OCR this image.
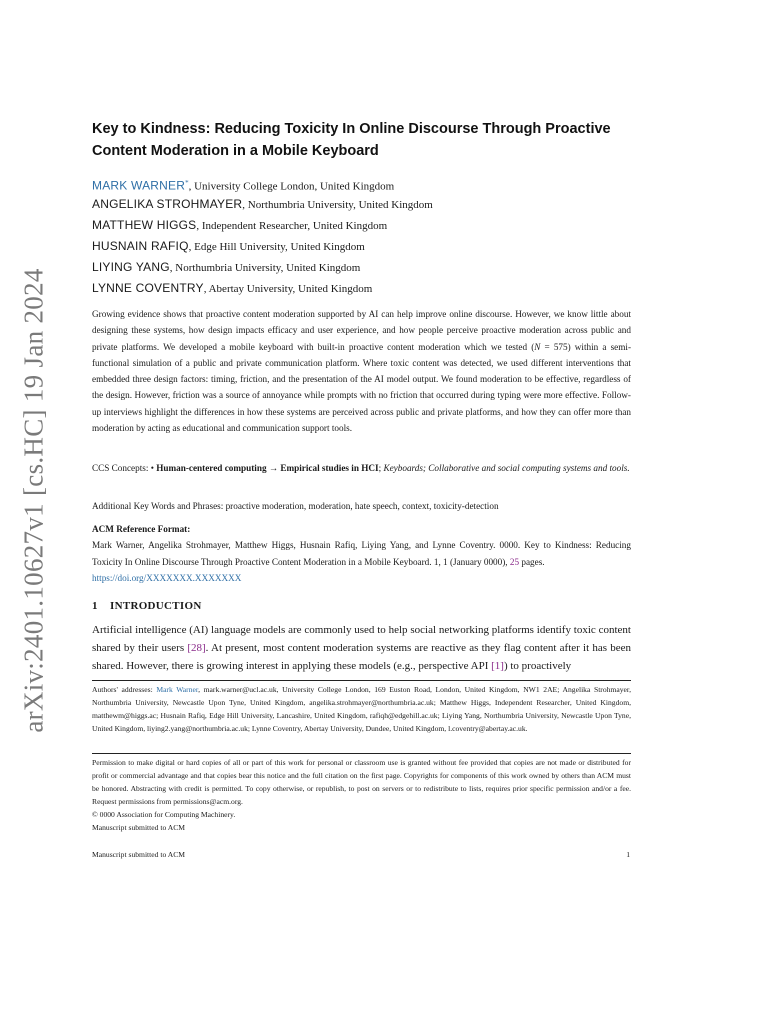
arXiv:2401.10627v1 [cs.HC] 19 Jan 2024
Key to Kindness: Reducing Toxicity In Online Discourse Through Proactive Content Moderation in a Mobile Keyboard
MARK WARNER*, University College London, United Kingdom
ANGELIKA STROHMAYER, Northumbria University, United Kingdom
MATTHEW HIGGS, Independent Researcher, United Kingdom
HUSNAIN RAFIQ, Edge Hill University, United Kingdom
LIYING YANG, Northumbria University, United Kingdom
LYNNE COVENTRY, Abertay University, United Kingdom
Growing evidence shows that proactive content moderation supported by AI can help improve online discourse. However, we know little about designing these systems, how design impacts efficacy and user experience, and how people perceive proactive moderation across public and private platforms. We developed a mobile keyboard with built-in proactive content moderation which we tested (N = 575) within a semi-functional simulation of a public and private communication platform. Where toxic content was detected, we used different interventions that embedded three design factors: timing, friction, and the presentation of the AI model output. We found moderation to be effective, regardless of the design. However, friction was a source of annoyance while prompts with no friction that occurred during typing were more effective. Follow-up interviews highlight the differences in how these systems are perceived across public and private platforms, and how they can offer more than moderation by acting as educational and communication support tools.
CCS Concepts: • Human-centered computing → Empirical studies in HCI; Keyboards; Collaborative and social computing systems and tools.
Additional Key Words and Phrases: proactive moderation, moderation, hate speech, context, toxicity-detection
ACM Reference Format:
Mark Warner, Angelika Strohmayer, Matthew Higgs, Husnain Rafiq, Liying Yang, and Lynne Coventry. 0000. Key to Kindness: Reducing Toxicity In Online Discourse Through Proactive Content Moderation in a Mobile Keyboard. 1, 1 (January 0000), 25 pages.
https://doi.org/XXXXXXX.XXXXXXX
1 INTRODUCTION
Artificial intelligence (AI) language models are commonly used to help social networking platforms identify toxic content shared by their users [28]. At present, most content moderation systems are reactive as they flag content after it has been shared. However, there is growing interest in applying these models (e.g., perspective API [1]) to proactively
Authors' addresses: Mark Warner, mark.warner@ucl.ac.uk, University College London, 169 Euston Road, London, United Kingdom, NW1 2AE; Angelika Strohmayer, Northumbria University, Newcastle Upon Tyne, United Kingdom, angelika.strohmayer@northumbria.ac.uk; Matthew Higgs, Independent Researcher, United Kingdom, matthewm@higgs.ac; Husnain Rafiq, Edge Hill University, Lancashire, United Kingdom, rafiqh@edgehill.ac.uk; Liying Yang, Northumbria University, Newcastle Upon Tyne, United Kingdom, liying2.yang@northumbria.ac.uk; Lynne Coventry, Abertay University, Dundee, United Kingdom, l.coventry@abertay.ac.uk.
Permission to make digital or hard copies of all or part of this work for personal or classroom use is granted without fee provided that copies are not made or distributed for profit or commercial advantage and that copies bear this notice and the full citation on the first page. Copyrights for components of this work owned by others than ACM must be honored. Abstracting with credit is permitted. To copy otherwise, or republish, to post on servers or to redistribute to lists, requires prior specific permission and/or a fee. Request permissions from permissions@acm.org.
© 0000 Association for Computing Machinery.
Manuscript submitted to ACM
Manuscript submitted to ACM	1
